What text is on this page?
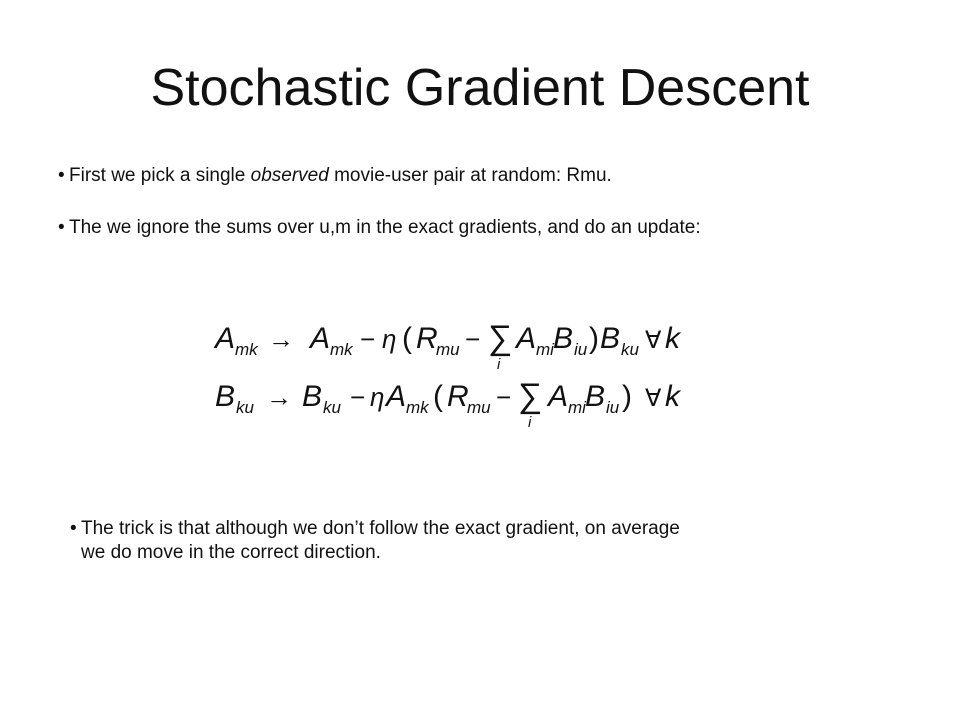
Stochastic Gradient Descent
• First we pick a single observed movie-user pair at random: Rmu.
• The we ignore the sums over u,m in the exact gradients, and do an update:
A mk → A mk − η ( R
mu − ∑
i
A mi B iu ) B ku ∀ k
B ku → B ku − η A mk ( R
mu − ∑
i
A mi B iu ) ∀ k
• The trick is that although we don’t follow the exact gradient, on average
we do move in the correct direction.
